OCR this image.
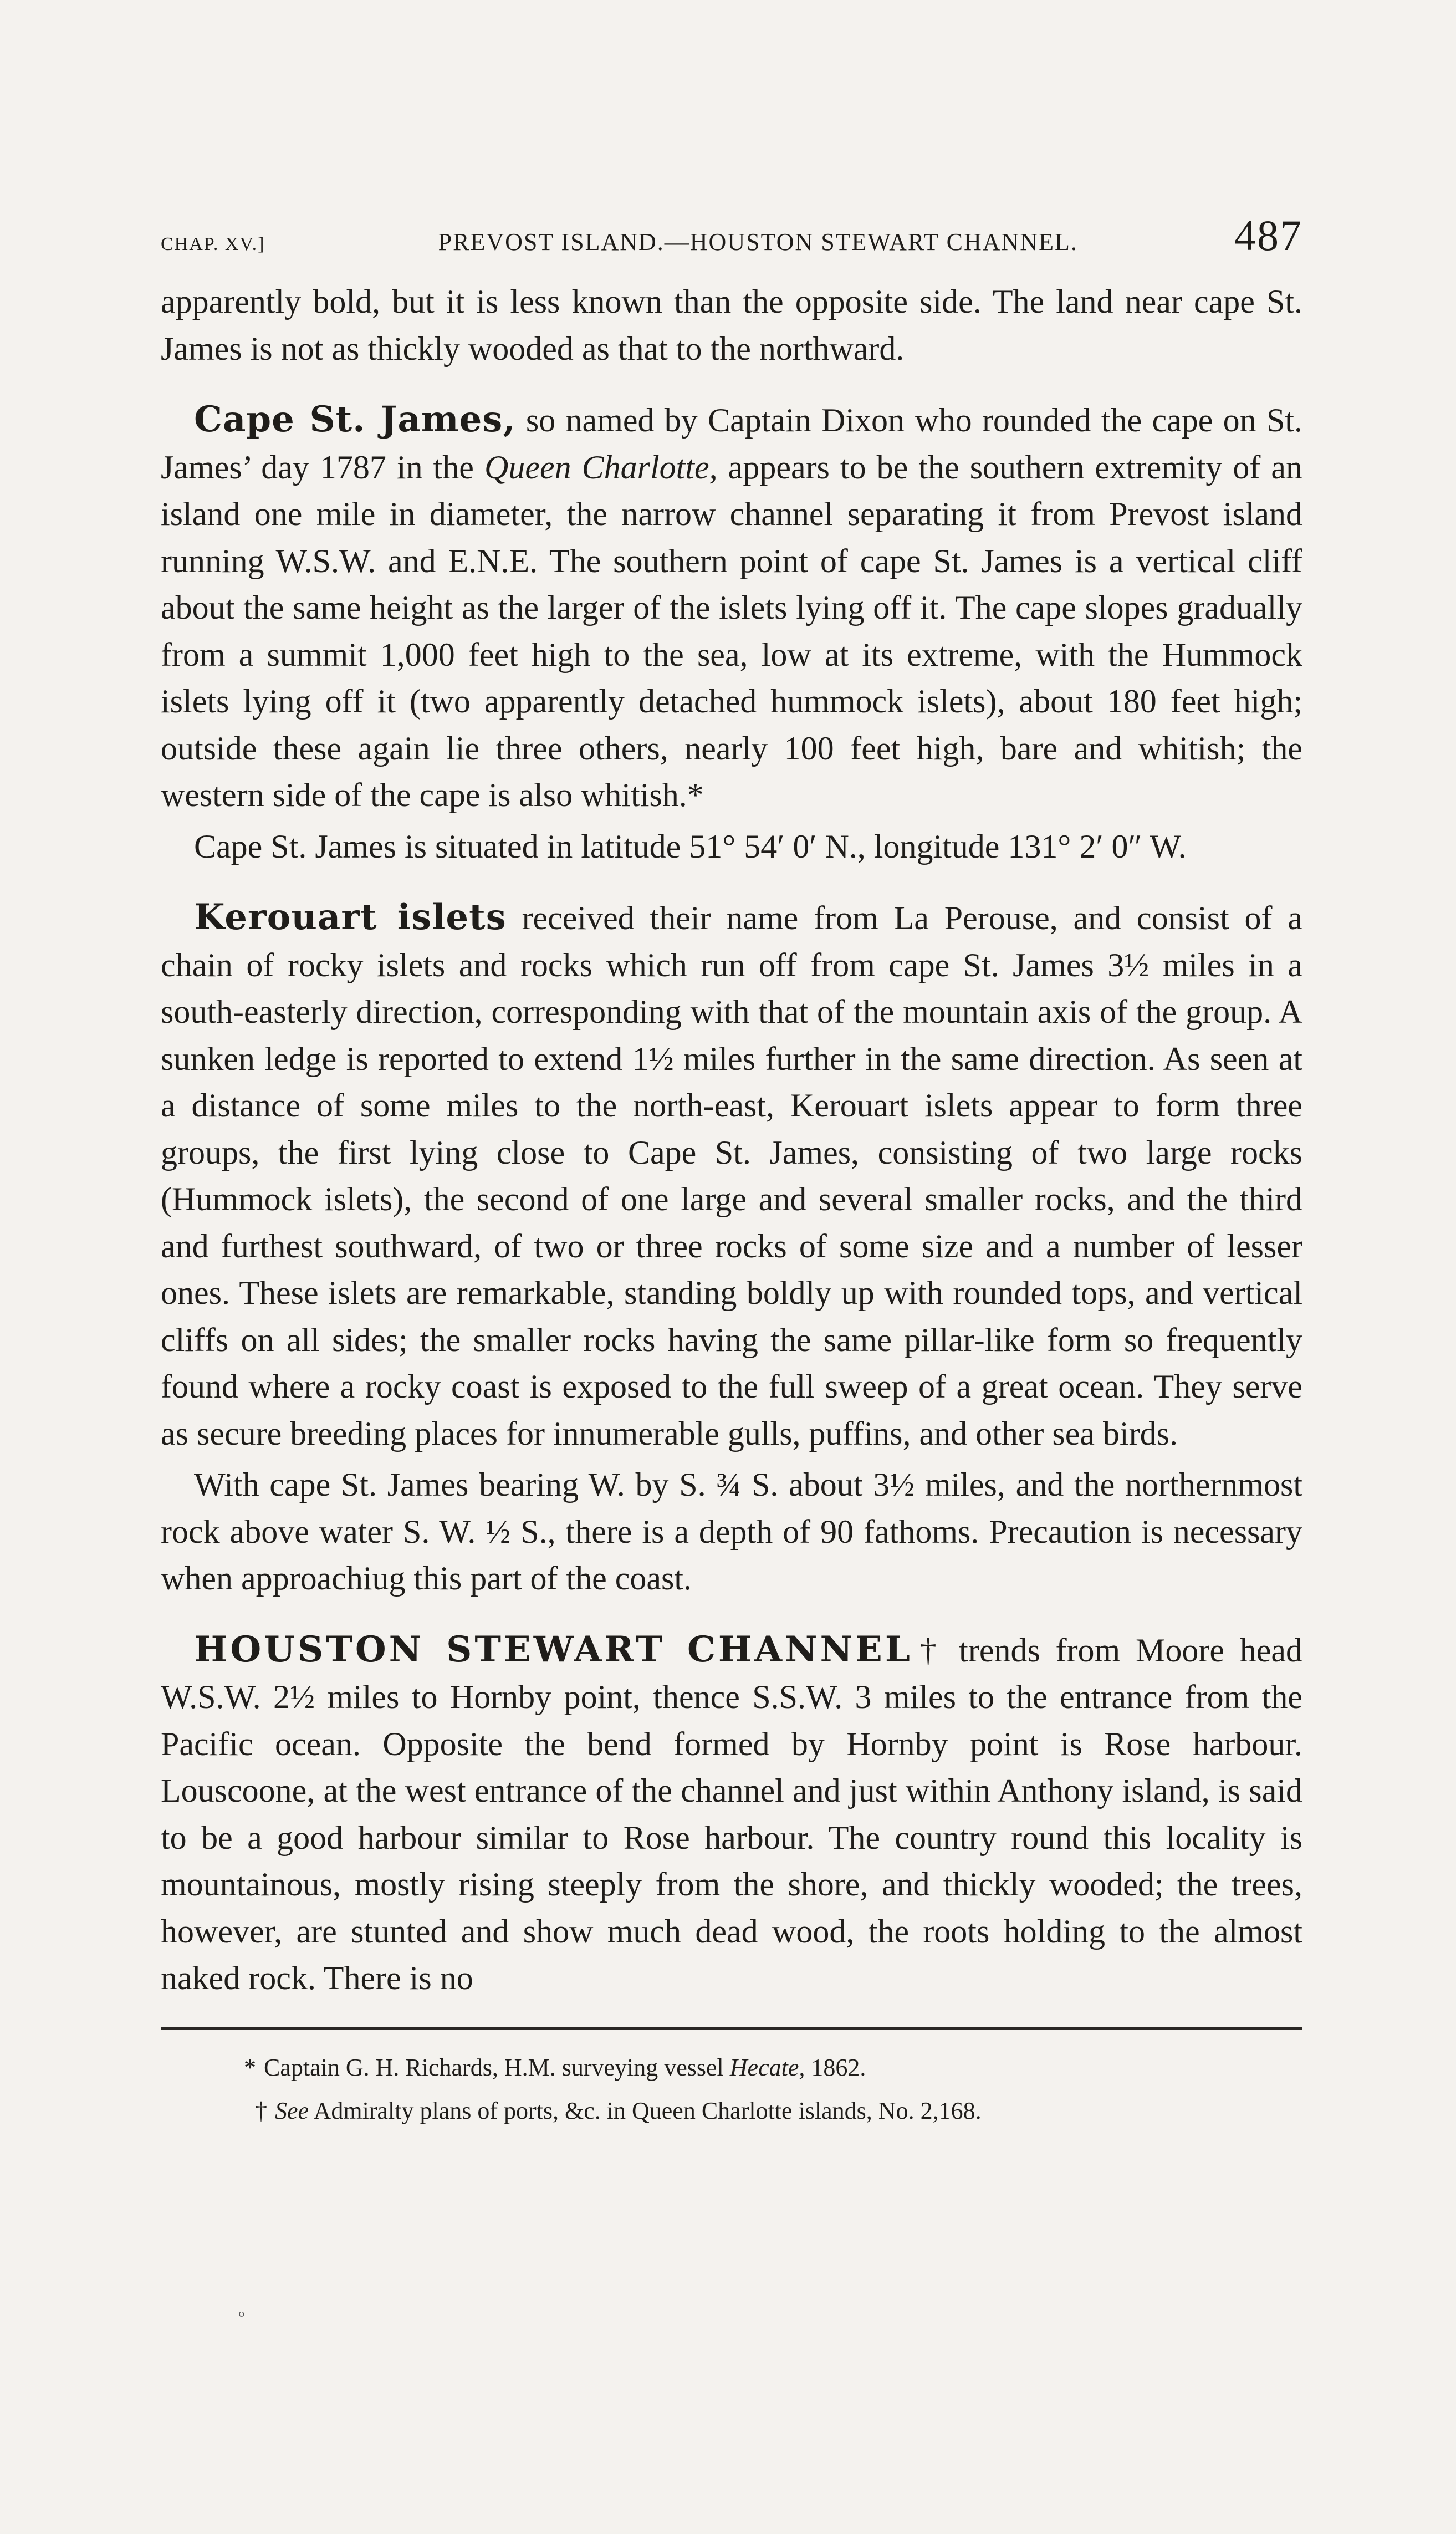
CHAP. XV.]	PREVOST ISLAND.—HOUSTON STEWART CHANNEL.	487

apparently bold, but it is less known than the opposite side. The land near cape St. James is not as thickly wooded as that to the northward.

Cape St. James, so named by Captain Dixon who rounded the cape on St. James’ day 1787 in the Queen Charlotte, appears to be the southern extremity of an island one mile in diameter, the narrow channel separating it from Prevost island running W.S.W. and E.N.E. The southern point of cape St. James is a vertical cliff about the same height as the larger of the islets lying off it. The cape slopes gradually from a summit 1,000 feet high to the sea, low at its extreme, with the Hummock islets lying off it (two apparently detached hummock islets), about 180 feet high; outside these again lie three others, nearly 100 feet high, bare and whitish; the western side of the cape is also whitish.*

Cape St. James is situated in latitude 51° 54′ 0′ N., longitude 131° 2′ 0″ W.

Kerouart islets received their name from La Perouse, and consist of a chain of rocky islets and rocks which run off from cape St. James 3½ miles in a south-easterly direction, corresponding with that of the mountain axis of the group. A sunken ledge is reported to extend 1½ miles further in the same direction. As seen at a distance of some miles to the north-east, Kerouart islets appear to form three groups, the first lying close to Cape St. James, consisting of two large rocks (Hummock islets), the second of one large and several smaller rocks, and the third and furthest southward, of two or three rocks of some size and a number of lesser ones. These islets are remarkable, standing boldly up with rounded tops, and vertical cliffs on all sides; the smaller rocks having the same pillar-like form so frequently found where a rocky coast is exposed to the full sweep of a great ocean. They serve as secure breeding places for innumerable gulls, puffins, and other sea birds.

With cape St. James bearing W. by S. ¾ S. about 3½ miles, and the northernmost rock above water S. W. ½ S., there is a depth of 90 fathoms. Precaution is necessary when approachiug this part of the coast.

HOUSTON STEWART CHANNEL† trends from Moore head W.S.W. 2½ miles to Hornby point, thence S.S.W. 3 miles to the entrance from the Pacific ocean. Opposite the bend formed by Hornby point is Rose harbour. Louscoone, at the west entrance of the channel and just within Anthony island, is said to be a good harbour similar to Rose harbour. The country round this locality is mountainous, mostly rising steeply from the shore, and thickly wooded; the trees, however, are stunted and show much dead wood, the roots holding to the almost naked rock. There is no

* Captain G. H. Richards, H.M. surveying vessel Hecate, 1862.
† See Admiralty plans of ports, &c. in Queen Charlotte islands, No. 2,168.
ᵒ
